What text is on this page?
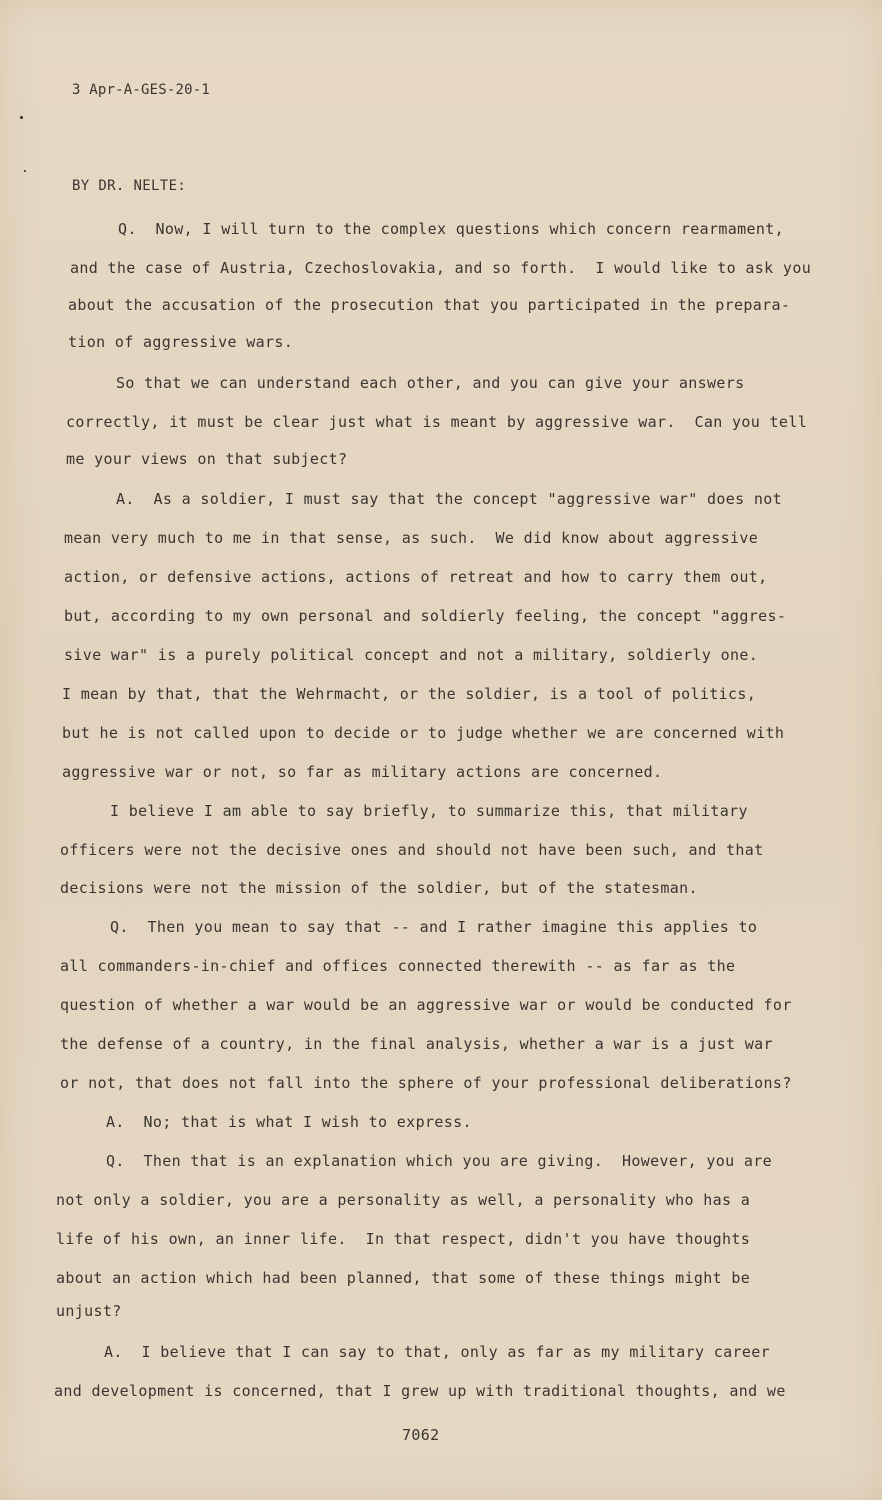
3 Apr-A-GES-20-1
BY DR. NELTE:
Q.  Now, I will turn to the complex questions which concern rearmament,
and the case of Austria, Czechoslovakia, and so forth.  I would like to ask you
about the accusation of the prosecution that you participated in the prepara-
tion of aggressive wars.
So that we can understand each other, and you can give your answers
correctly, it must be clear just what is meant by aggressive war.  Can you tell
me your views on that subject?
A.  As a soldier, I must say that the concept "aggressive war" does not
mean very much to me in that sense, as such.  We did know about aggressive
action, or defensive actions, actions of retreat and how to carry them out,
but, according to my own personal and soldierly feeling, the concept "aggres-
sive war" is a purely political concept and not a military, soldierly one.
I mean by that, that the Wehrmacht, or the soldier, is a tool of politics,
but he is not called upon to decide or to judge whether we are concerned with
aggressive war or not, so far as military actions are concerned.
I believe I am able to say briefly, to summarize this, that military
officers were not the decisive ones and should not have been such, and that
decisions were not the mission of the soldier, but of the statesman.
Q.  Then you mean to say that -- and I rather imagine this applies to
all commanders-in-chief and offices connected therewith -- as far as the
question of whether a war would be an aggressive war or would be conducted for
the defense of a country, in the final analysis, whether a war is a just war
or not, that does not fall into the sphere of your professional deliberations?
A.  No; that is what I wish to express.
Q.  Then that is an explanation which you are giving.  However, you are
not only a soldier, you are a personality as well, a personality who has a
life of his own, an inner life.  In that respect, didn't you have thoughts
about an action which had been planned, that some of these things might be
unjust?
A.  I believe that I can say to that, only as far as my military career
and development is concerned, that I grew up with traditional thoughts, and we
7062
